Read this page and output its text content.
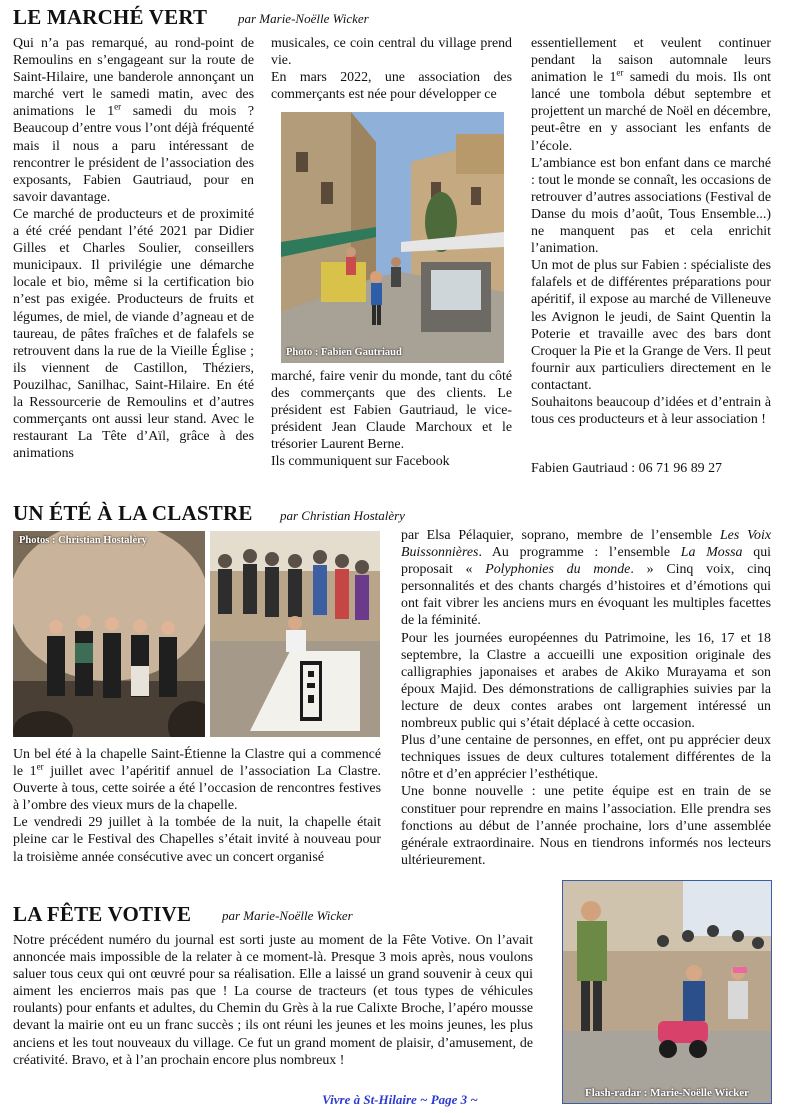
LE MARCHÉ VERT par Marie-Noëlle Wicker

Qui n’a pas remarqué, au rond-point de Remoulins en s’engageant sur la route de Saint-Hilaire, une banderole annonçant un marché vert le samedi matin, avec des animations le 1er samedi du mois ? Beaucoup d’entre vous l’ont déjà fréquenté mais il nous a paru intéressant de rencontrer le président de l’association des exposants, Fabien Gautriaud, pour en savoir davantage.

Ce marché de producteurs et de proximité a été créé pendant l’été 2021 par Didier Gilles et Charles Soulier, conseillers municipaux. Il privilégie une démarche locale et bio, même si la certification bio n’est pas exigée. Producteurs de fruits et légumes, de miel, de viande d’agneau et de taureau, de pâtes fraîches et de falafels se retrouvent dans la rue de la Vieille Église ; ils viennent de Castillon, Théziers, Pouzilhac, Sanilhac, Saint-Hilaire. En été la Ressourcerie de Remoulins et d’autres commerçants ont aussi leur stand. Avec le restaurant La Tête d’Aïl, grâce à des animations

musicales, ce coin central du village prend vie.

En mars 2022, une association des commerçants est née pour développer ce

Photo : Fabien Gautriaud

marché, faire venir du monde, tant du côté des commerçants que des clients. Le président est Fabien Gautriaud, le vice-président Jean Claude Marchoux et le trésorier Laurent Berne.

Ils communiquent sur Facebook

essentiellement et veulent continuer pendant la saison automnale leurs animation le 1er samedi du mois. Ils ont lancé une tombola début septembre et projettent un marché de Noël en décembre, peut-être en y associant les enfants de l’école.

L’ambiance est bon enfant dans ce marché : tout le monde se connaît, les occasions de retrouver d’autres associations (Festival de Danse du mois d’août, Tous Ensemble...) ne manquent pas et cela enrichit l’animation.

Un mot de plus sur Fabien : spécialiste des falafels et de différentes préparations pour apéritif, il expose au marché de Villeneuve les Avignon le jeudi, de Saint Quentin la Poterie et travaille avec des bars dont Croquer la Pie et la Grange de Vers. Il peut fournir aux particuliers directement en le contactant.

Souhaitons beaucoup d’idées et d’entrain à tous ces producteurs et à leur association !

Fabien Gautriaud : 06 71 96 89 27
UN ÉTÉ À LA CLASTRE par Christian Hostalèry
Photos : Christian Hostalèry

Un bel été à la chapelle Saint-Étienne la Clastre qui a commencé le 1er juillet avec l’apéritif annuel de l’association La Clastre. Ouverte à tous, cette soirée a été l’occasion de rencontres festives à l’ombre des vieux murs de la chapelle.

Le vendredi 29 juillet à la tombée de la nuit, la chapelle était pleine car le Festival des Chapelles s’était invité à nouveau pour la troisième année consécutive avec un concert organisé

par Elsa Pélaquier, soprano, membre de l’ensemble Les Voix Buissonnières. Au programme : l’ensemble La Mossa qui proposait « Polyphonies du monde. » Cinq voix, cinq personnalités et des chants chargés d’histoires et d’émotions qui ont fait vibrer les anciens murs en évoquant les multiples facettes de la féminité.

Pour les journées européennes du Patrimoine, les 16, 17 et 18 septembre, la Clastre a accueilli une exposition originale des calligraphies japonaises et arabes de Akiko Murayama et son époux Majid. Des démonstrations de calligraphies suivies par la lecture de deux contes arabes ont largement intéressé un nombreux public qui s’était déplacé à cette occasion.

Plus d’une centaine de personnes, en effet, ont pu apprécier deux techniques issues de deux cultures totalement différentes de la nôtre et d’en apprécier l’esthétique.

Une bonne nouvelle : une petite équipe est en train de se constituer pour reprendre en mains l’association. Elle prendra ses fonctions au début de l’année prochaine, lors d’une assemblée générale extraordinaire. Nous en tiendrons informés nos lecteurs ultérieurement.

LA FÊTE VOTIVE par Marie-Noëlle Wicker

Notre précédent numéro du journal est sorti juste au moment de la Fête Votive. On l’avait annoncée mais impossible de la relater à ce moment-là. Presque 3 mois après, nous voulons saluer tous ceux qui ont œuvré pour sa réalisation. Elle a laissé un grand souvenir à ceux qui aiment les encierros mais pas que ! La course de tracteurs (et tous types de véhicules roulants) pour enfants et adultes, du Chemin du Grès à la rue Calixte Broche, l’apéro mousse devant la mairie ont eu un franc succès ; ils ont réuni les jeunes et les moins jeunes, les plus anciens et les tout nouveaux du village. Ce fut un grand moment de plaisir, d’amusement, de créativité. Bravo, et à l’an prochain encore plus nombreux !

Flash-radar : Marie-Noëlle Wicker
Vivre à St-Hilaire ~ Page 3 ~
